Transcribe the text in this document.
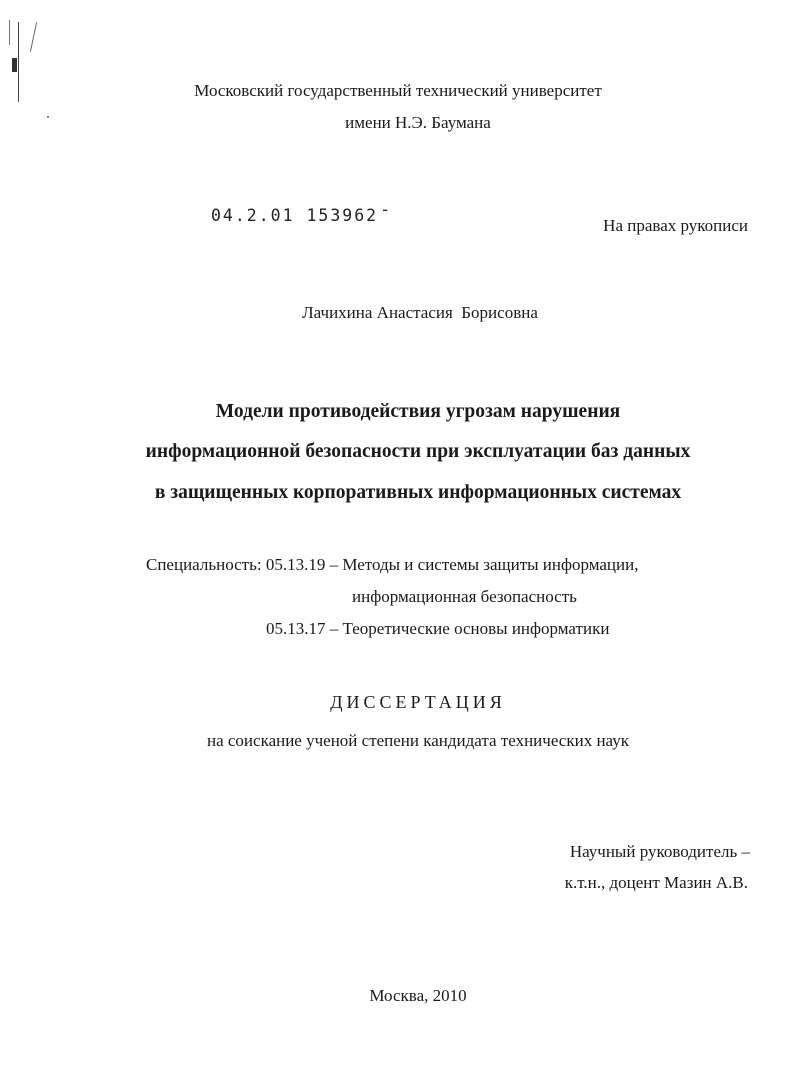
Московский государственный технический университет
имени Н.Э. Баумана
04.2.01 153962 -
На правах рукописи
Лачихина Анастасия  Борисовна
Модели противодействия угрозам нарушения
информационной безопасности при эксплуатации баз данных
в защищенных корпоративных информационных системах
Специальность: 05.13.19 – Методы и системы защиты информации,
информационная безопасность
05.13.17 – Теоретические основы информатики
ДИССЕРТАЦИЯ
на соискание ученой степени кандидата технических наук
Научный руководитель –
к.т.н., доцент Мазин А.В.
Москва, 2010
